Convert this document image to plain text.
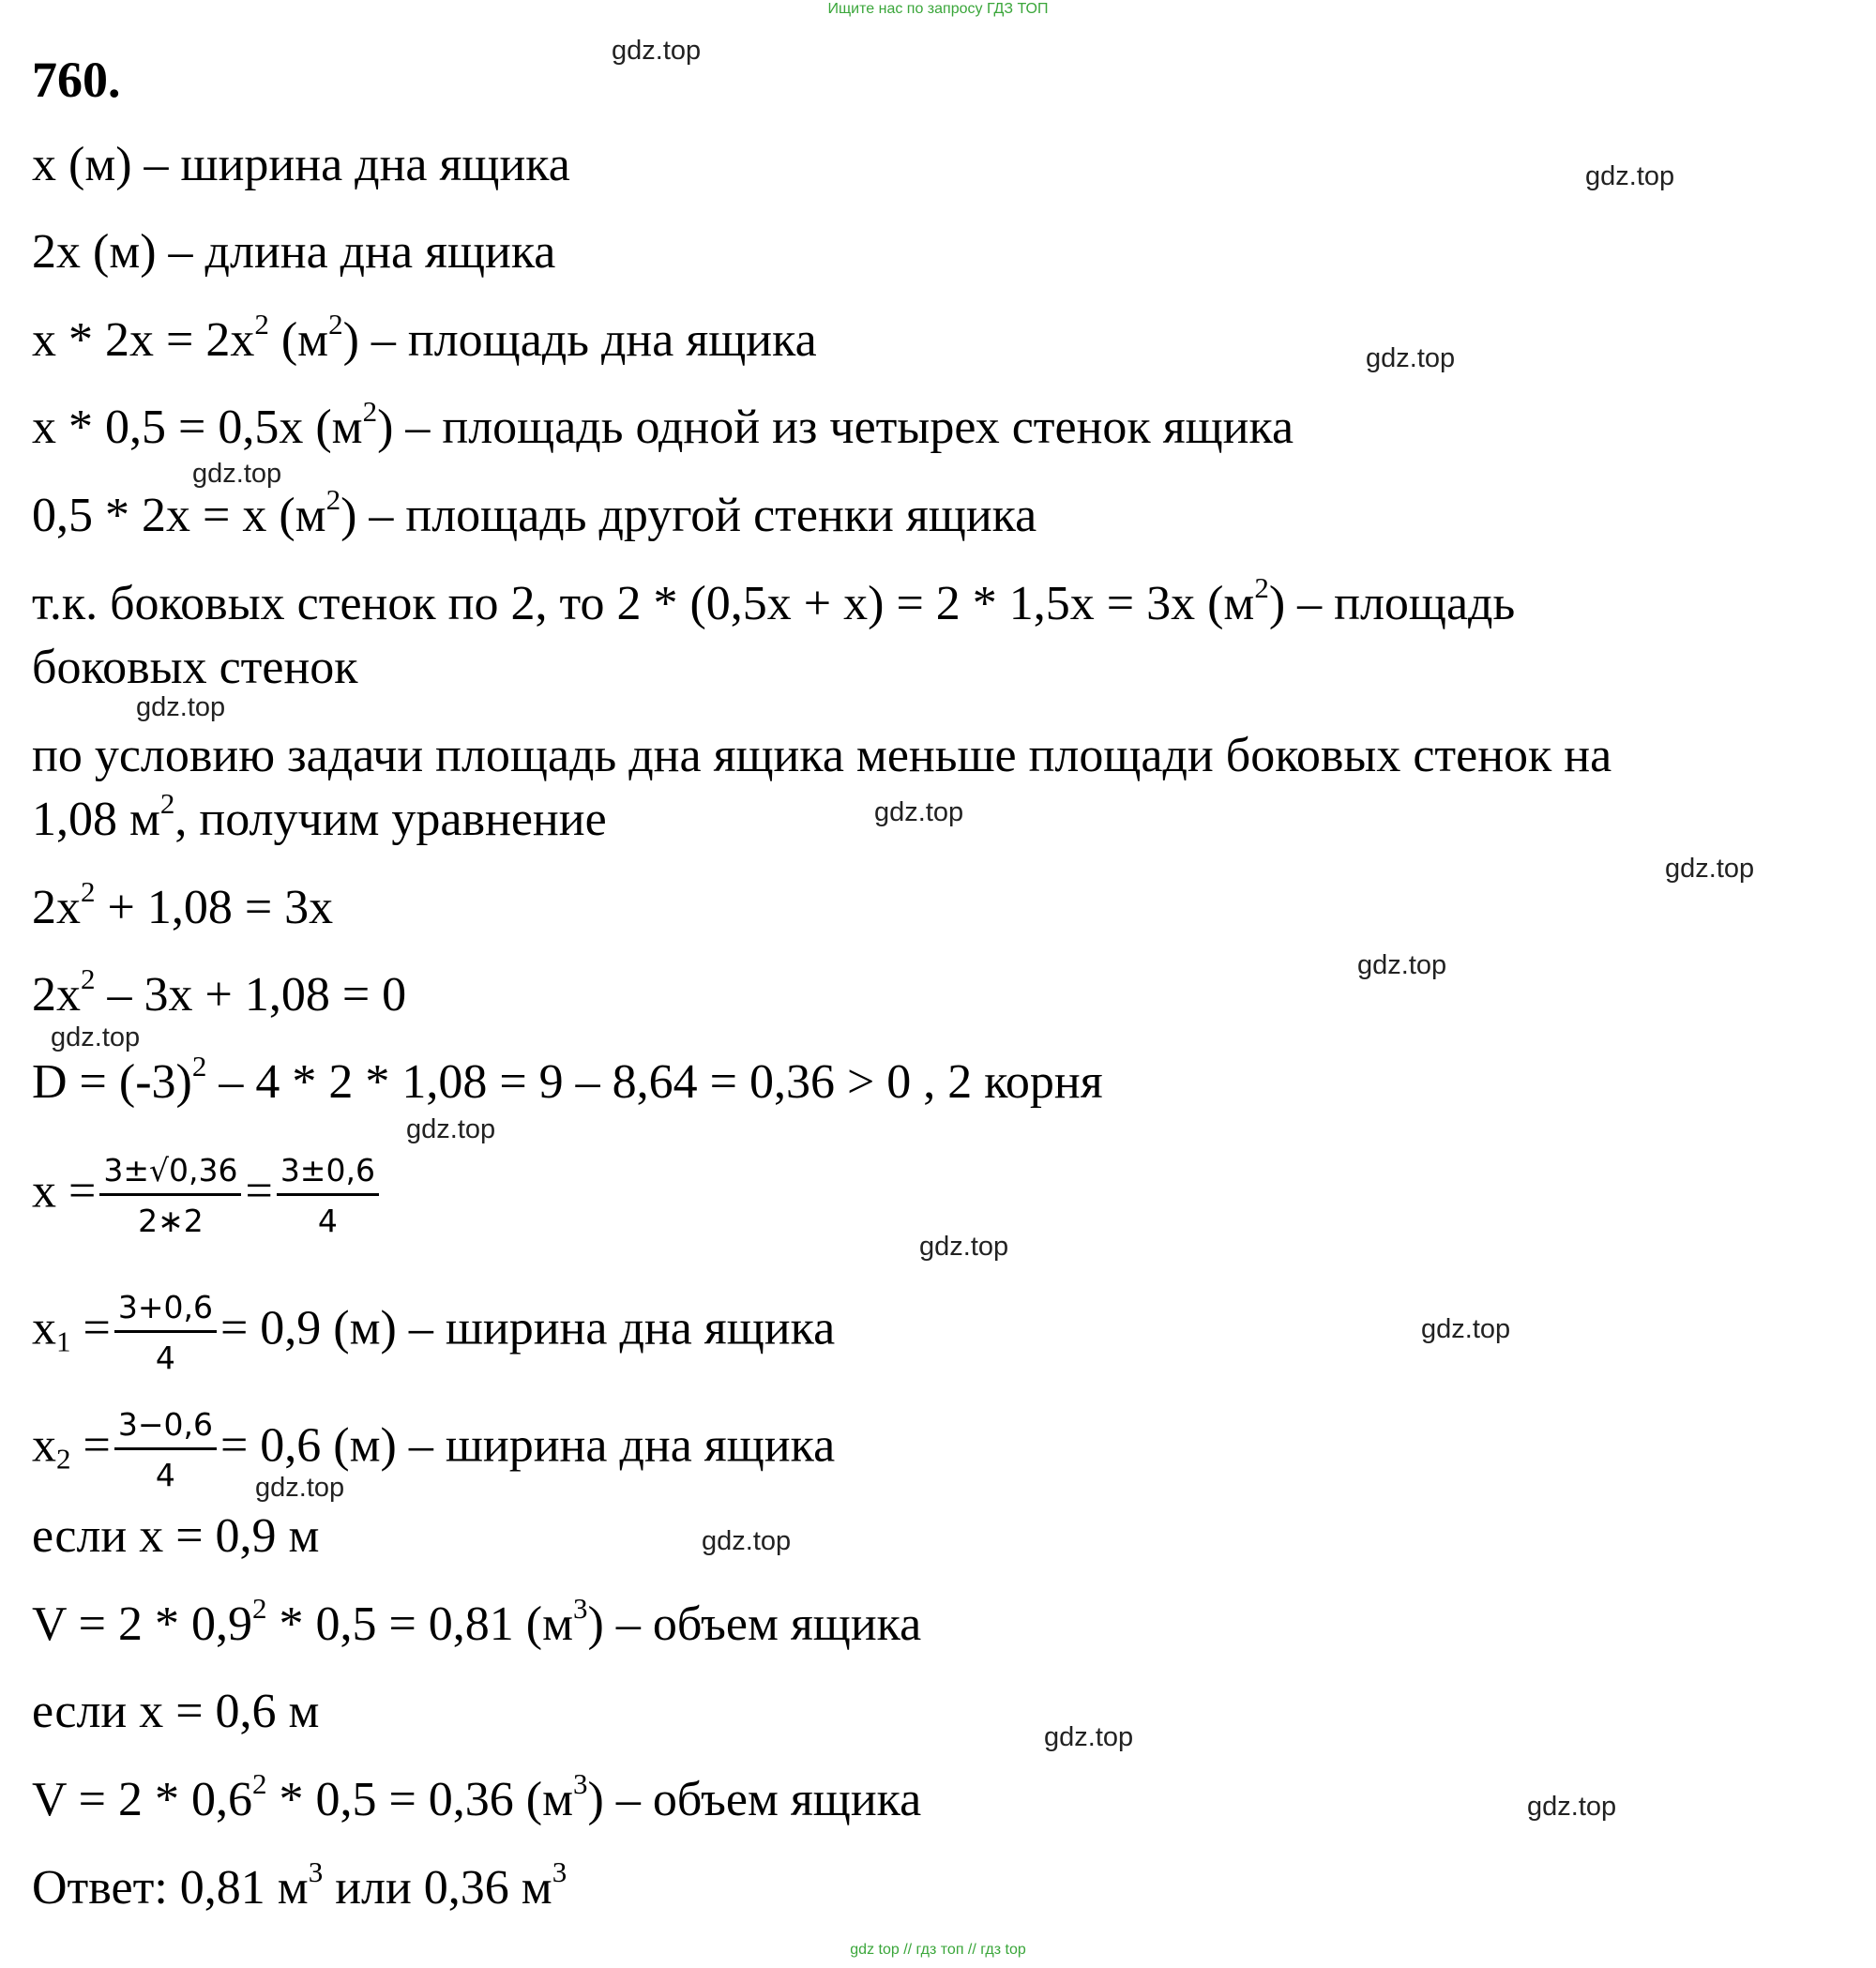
Ищите нас по запросу ГДЗ ТОП
760.
x (м) – ширина дна ящика
2x (м) – длина дна ящика
$x * 2x = 2x^2$ $(м^2)$ – площадь дна ящика
x * 0,5 = 0,5x $(м^2)$ – площадь одной из четырех стенок ящика
0,5 * 2x = x $(м^2)$ – площадь другой стенки ящика
т.к. боковых стенок по 2, то 2 * (0,5x + x) = 2 * 1,5x = 3x $(м^2)$ – площадь
боковых стенок
по условию задачи площадь дна ящика меньше площади боковых стенок на
1,08 $м^2$, получим уравнение
$2x^2 + 1,08 = 3x$
$2x^2 - 3x + 1,08 = 0$
$D = (-3)^2 - 4 * 2 * 1,08 = 9 - 8,64 = 0,36 > 0$ , 2 корня
$x = \frac{3\pm√0,36}{2∗2} = \frac{3\pm 0,6}{4}$
$x_1 = \frac{3+0,6}{4} = 0,9$ (м) – ширина дна ящика
$x_2 = \frac{3-0,6}{4} = 0,6$ (м) – ширина дна ящика
если x = 0,9 м
$V = 2 * 0,9^2 * 0,5 = 0,81$ $(м^3)$ – объем ящика
если x = 0,6 м
$V = 2 * 0,6^2 * 0,5 = 0,36$ $(м^3)$ – объем ящика
Ответ: 0,81 $м^3$ или 0,36 $м^3$
gdz.top
gdz.top
gdz.top
gdz.top
gdz.top
gdz.top
gdz.top
gdz.top
gdz.top
gdz.top
gdz.top
gdz.top
gdz.top
gdz.top
gdz.top
gdz.top
gdz top // гдз топ // гдз top
